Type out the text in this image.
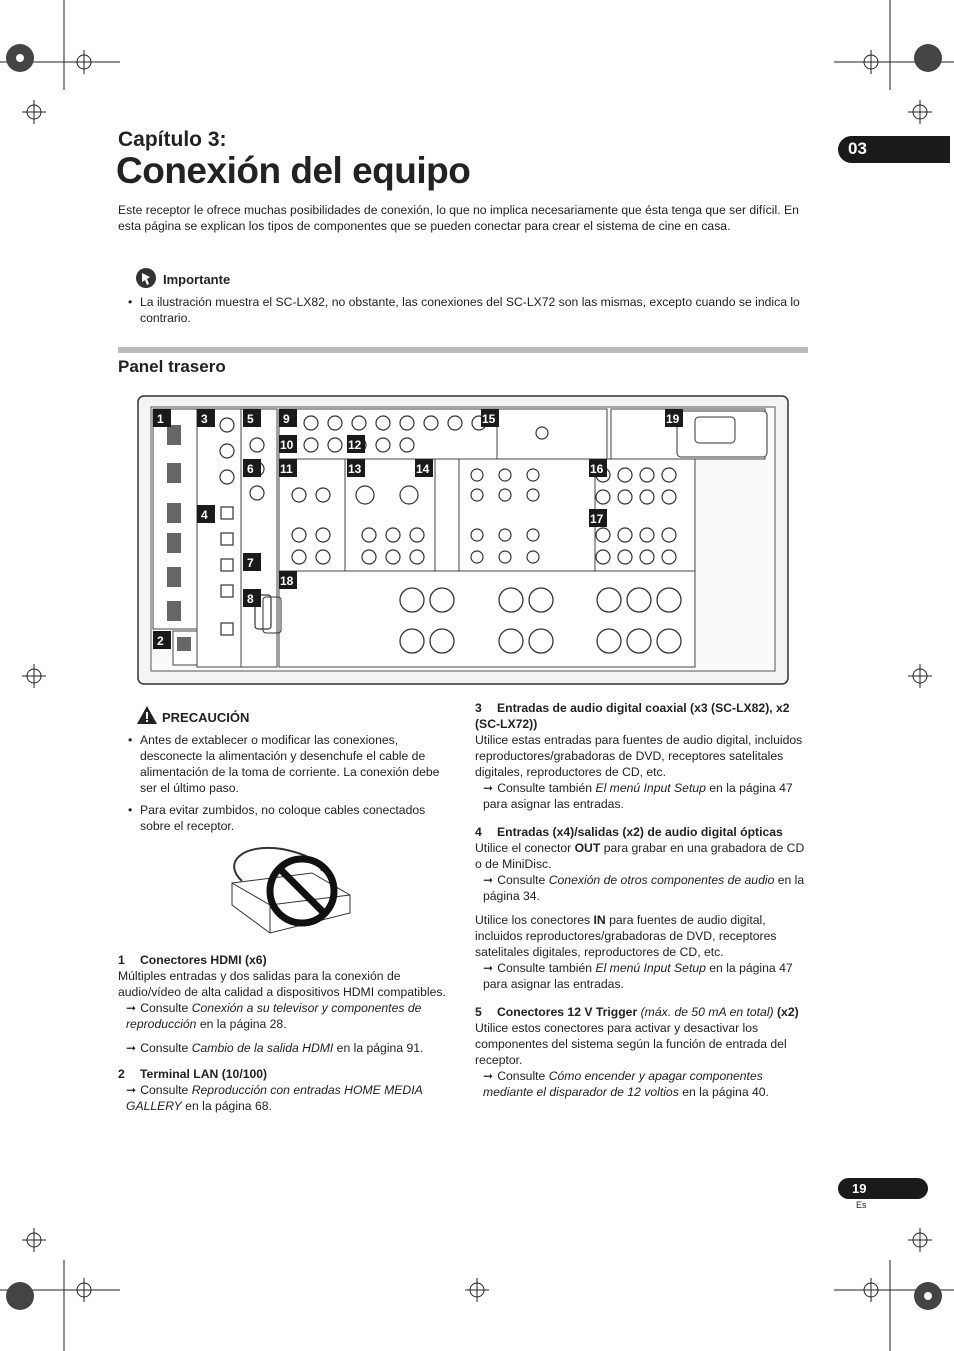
Capítulo 3:
Conexión del equipo
03
Este receptor le ofrece muchas posibilidades de conexión, lo que no implica necesariamente que ésta tenga que ser difícil. En esta página se explican los tipos de componentes que se pueden conectar para crear el sistema de cine en casa.
Importante
• La ilustración muestra el SC-LX82, no obstante, las conexiones del SC-LX72 son las mismas, excepto cuando se indica lo contrario.
Panel trasero
1
2
3
4
5
6
7
8
9
10
11
12
13	14
15
16
17
18
19
PRECAUCIÓN
• Antes de extablecer o modificar las conexiones, desconecte la alimentación y desenchufe el cable de alimentación de la toma de corriente. La conexión debe ser el último paso.
• Para evitar zumbidos, no coloque cables conectados sobre el receptor.
1 Conectores HDMI (x6)

Múltiples entradas y dos salidas para la conexión de audio/vídeo de alta calidad a dispositivos HDMI compatibles.

➞ Consulte Conexión a su televisor y componentes de reproducción en la página 28.
➞ Consulte Cambio de la salida HDMI en la página 91.
2 Terminal LAN (10/100)
➞ Consulte Reproducción con entradas HOME MEDIA GALLERY en la página 68.
3 Entradas de audio digital coaxial (x3 (SC-LX82), x2 (SC-LX72))

Utilice estas entradas para fuentes de audio digital, incluidos reproductores/grabadoras de DVD, receptores satelitales digitales, reproductores de CD, etc.

➞ Consulte también El menú Input Setup en la página 47 para asignar las entradas.
4 Entradas (x4)/salidas (x2) de audio digital ópticas

Utilice el conector OUT para grabar en una grabadora de CD o de MiniDisc.

➞ Consulte Conexión de otros componentes de audio en la página 34.

Utilice los conectores IN para fuentes de audio digital, incluidos reproductores/grabadoras de DVD, receptores satelitales digitales, reproductores de CD, etc.

➞ Consulte también El menú Input Setup en la página 47 para asignar las entradas.
5 Conectores 12 V Trigger (máx. de 50 mA en total) (x2)

Utilice estos conectores para activar y desactivar los componentes del sistema según la función de entrada del receptor.

➞ Consulte Cómo encender y apagar componentes mediante el disparador de 12 voltios en la página 40.
19
Es
